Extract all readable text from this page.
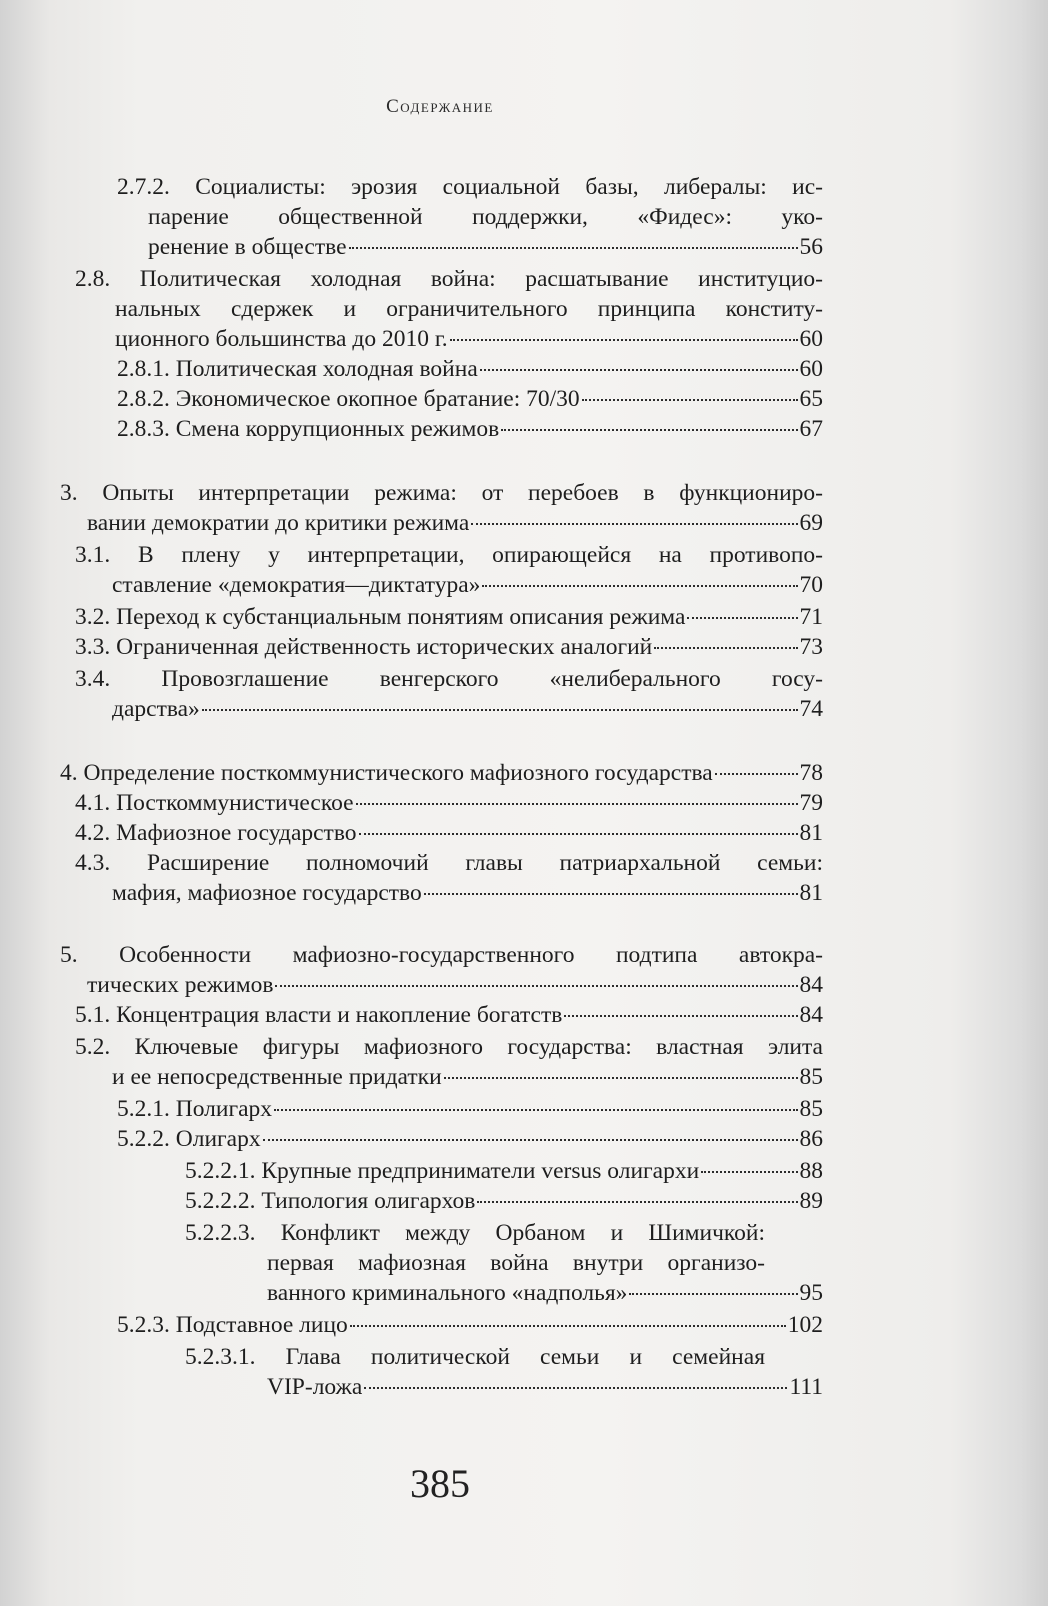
Содержание
2.7.2. Социалисты: эрозия социальной базы, либералы: ис-
парение общественной поддержки, «Фидес»: уко-
ренение в обществе	56
2.8. Политическая холодная война: расшатывание институцио-
нальных сдержек и ограничительного принципа конститу-
ционного большинства до 2010 г.	60
2.8.1. Политическая холодная война	60
2.8.2. Экономическое окопное братание: 70/30	65
2.8.3. Смена коррупционных режимов	67
3. Опыты интерпретации режима: от перебоев в функциониро-
вании демократии до критики режима	69
3.1. В плену у интерпретации, опирающейся на противопо-
ставление «демократия—диктатура»	70
3.2. Переход к субстанциальным понятиям описания режима	71
3.3. Ограниченная действенность исторических аналогий	73
3.4. Провозглашение венгерского «нелиберального госу-
дарства»	74
4. Определение посткоммунистического мафиозного государства	78
4.1. Посткоммунистическое	79
4.2. Мафиозное государство	81
4.3. Расширение полномочий главы патриархальной семьи:
мафия, мафиозное государство	81
5. Особенности мафиозно-государственного подтипа автокра-
тических режимов	84
5.1. Концентрация власти и накопление богатств	84
5.2. Ключевые фигуры мафиозного государства: властная элита
и ее непосредственные придатки	85
5.2.1. Полигарх	85
5.2.2. Олигарх	86
5.2.2.1. Крупные предприниматели versus олигархи	88
5.2.2.2. Типология олигархов	89
5.2.2.3. Конфликт между Орбаном и Шимичкой:
первая мафиозная война внутри организо-
ванного криминального «надполья»	95
5.2.3. Подставное лицо	102
5.2.3.1. Глава политической семьи и семейная
VIP-ложа	111
385
